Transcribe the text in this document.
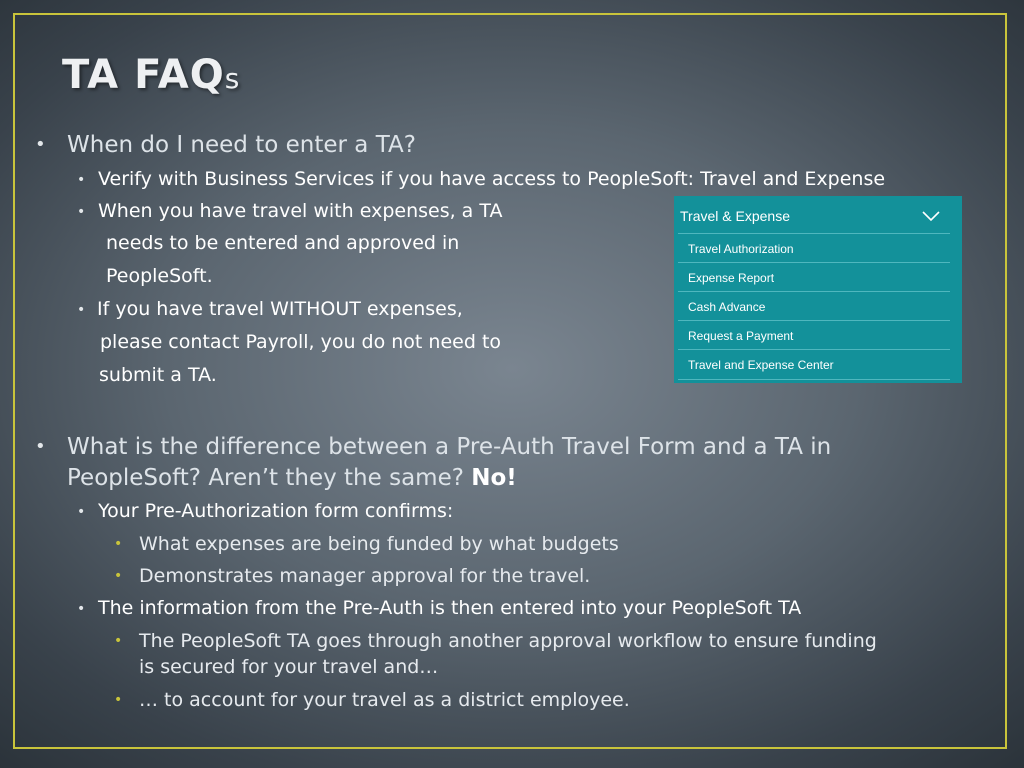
TA FAQs
• When do I need to enter a TA?
• Verify with Business Services if you have access to PeopleSoft: Travel and Expense
• When you have travel with expenses, a TA
needs to be entered and approved in
PeopleSoft.
• If you have travel WITHOUT expenses,
please contact Payroll, you do not need to
submit a TA.
Travel & Expense
Travel Authorization
Expense Report
Cash Advance
Request a Payment
Travel and Expense Center
• What is the difference between a Pre-Auth Travel Form and a TA in
PeopleSoft? Aren’t they the same? No!
• Your Pre-Authorization form confirms:
• What expenses are being funded by what budgets
• Demonstrates manager approval for the travel.
• The information from the Pre-Auth is then entered into your PeopleSoft TA
• The PeopleSoft TA goes through another approval workflow to ensure funding
is secured for your travel and…
• … to account for your travel as a district employee.
